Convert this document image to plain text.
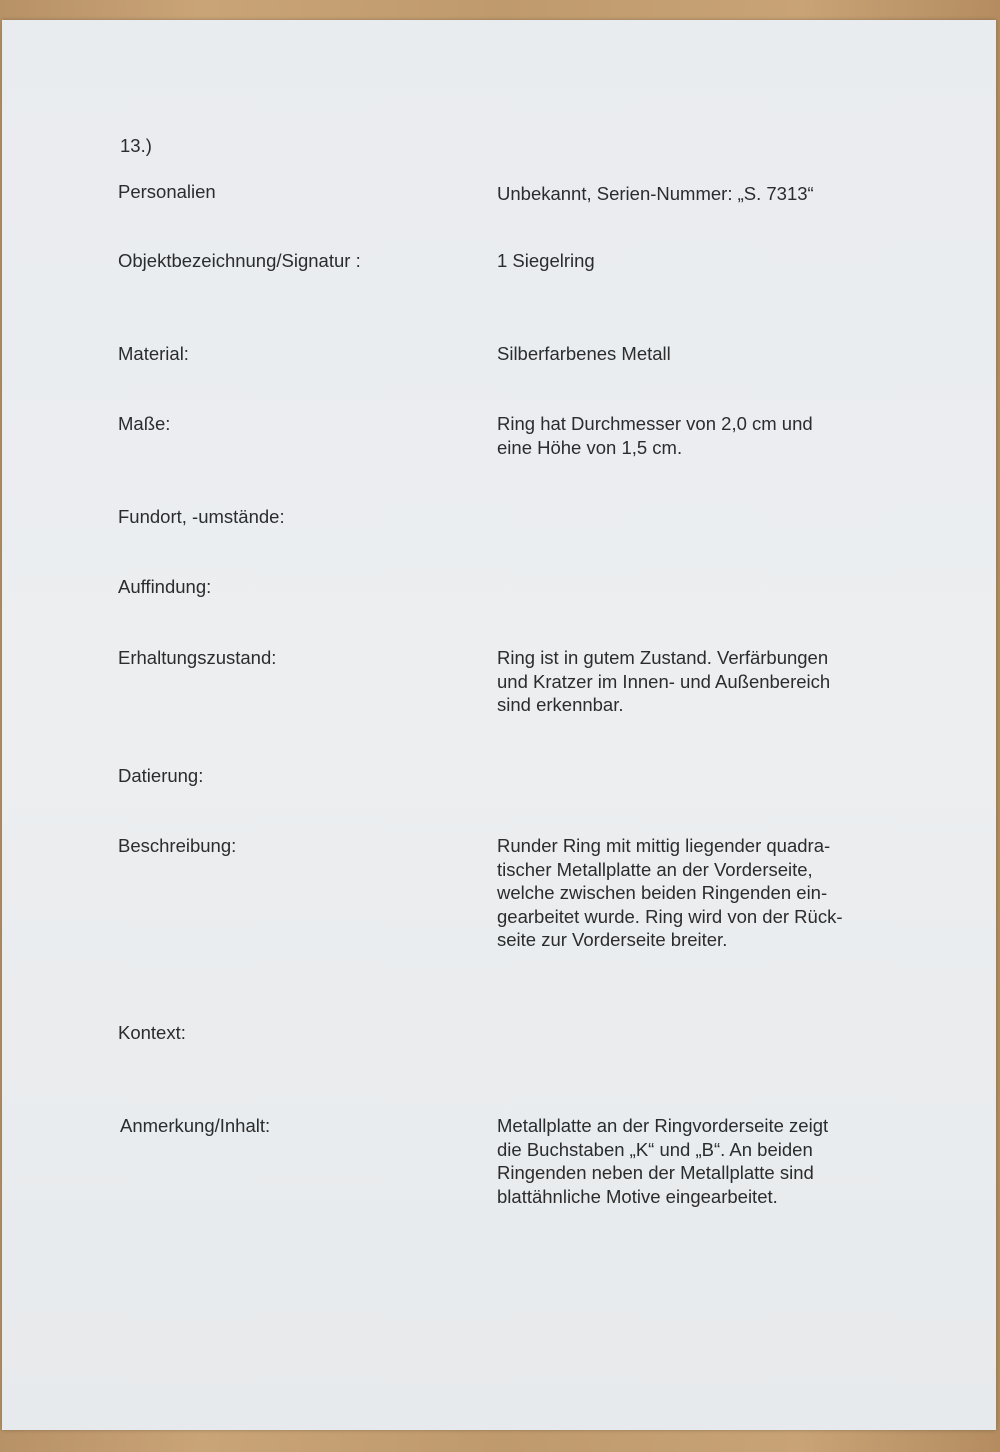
13.)
Personalien	Unbekannt, Serien-Nummer: „S. 7313“
Objektbezeichnung/Signatur :	1 Siegelring
Material:	Silberfarbenes Metall
Maße:	Ring hat Durchmesser von 2,0 cm und
eine Höhe von 1,5 cm.
Fundort, -umstände:
Auffindung:
Erhaltungszustand:	Ring ist in gutem Zustand. Verfärbungen
und Kratzer im Innen- und Außenbereich
sind erkennbar.
Datierung:
Beschreibung:	Runder Ring mit mittig liegender quadra-
tischer Metallplatte an der Vorderseite,
welche zwischen beiden Ringenden ein-
gearbeitet wurde. Ring wird von der Rück-
seite zur Vorderseite breiter.
Kontext:
Anmerkung/Inhalt:	Metallplatte an der Ringvorderseite zeigt
die Buchstaben „K“ und „B“. An beiden
Ringenden neben der Metallplatte sind
blattähnliche Motive eingearbeitet.
